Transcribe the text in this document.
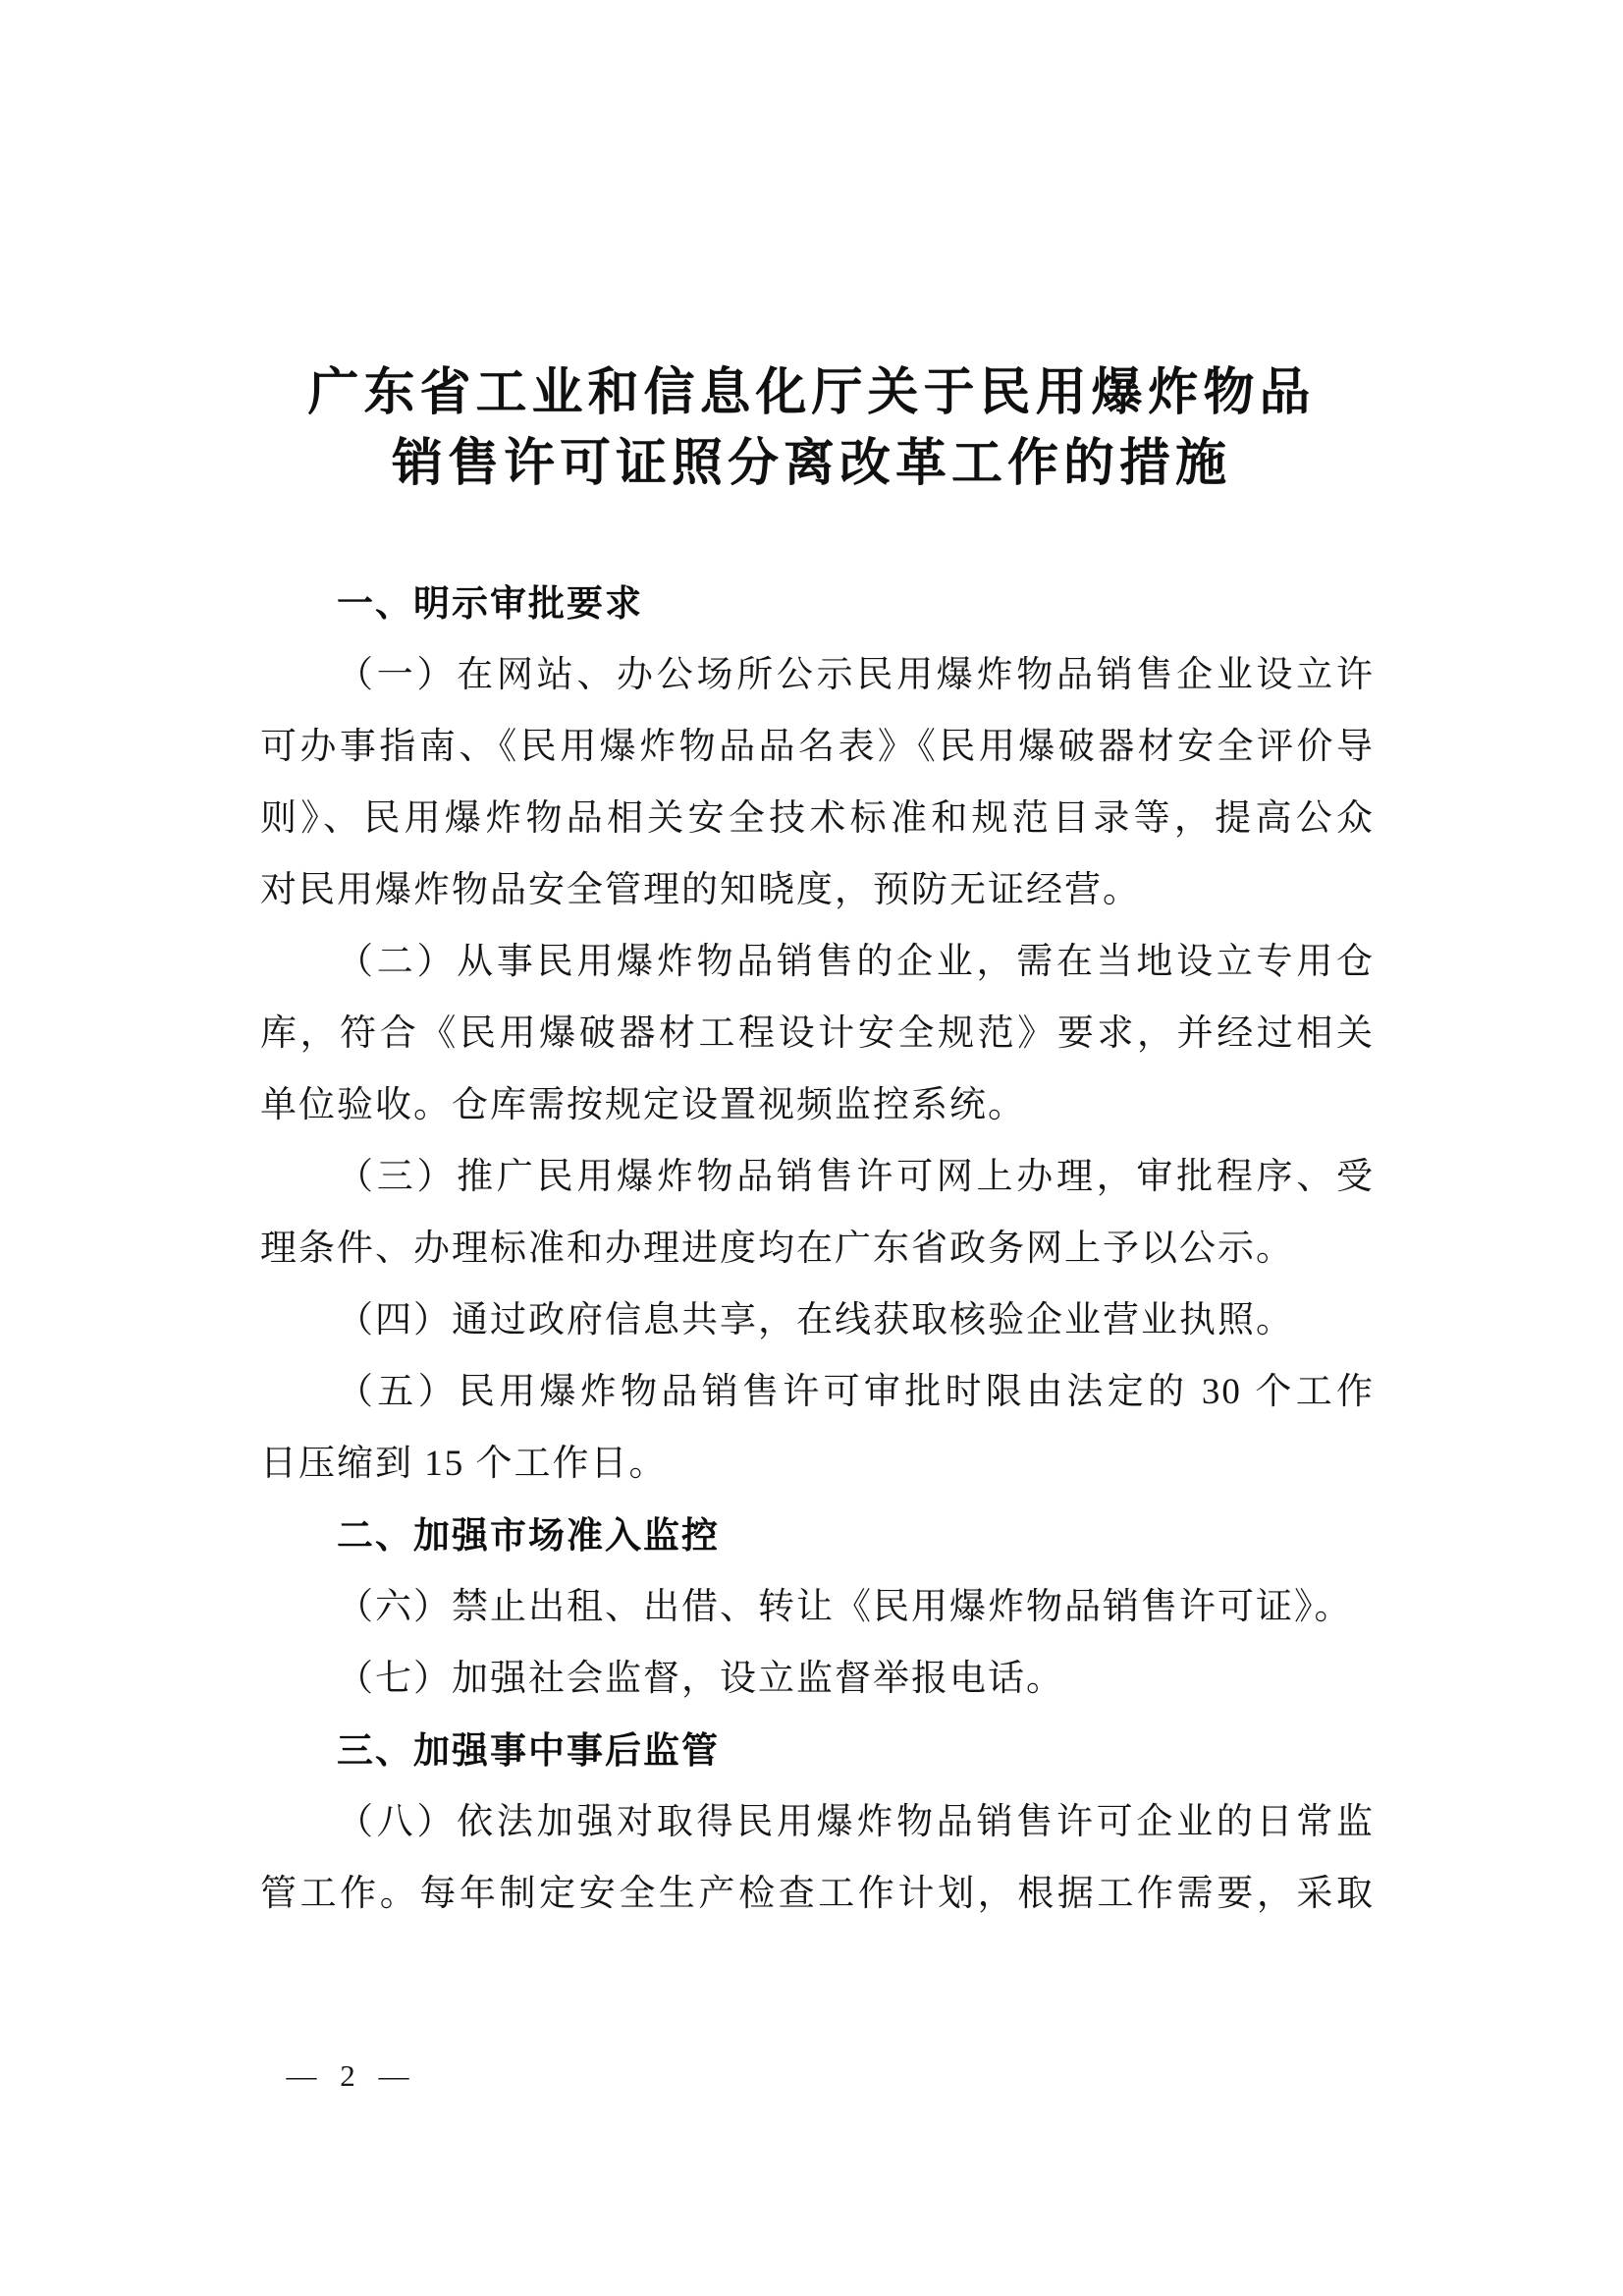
广东省工业和信息化厅关于民用爆炸物品
销售许可证照分离改革工作的措施
一、明示审批要求
（一）在网站、办公场所公示民用爆炸物品销售企业设立许
可办事指南、《民用爆炸物品品名表》《民用爆破器材安全评价导
则》、民用爆炸物品相关安全技术标准和规范目录等，提高公众
对民用爆炸物品安全管理的知晓度，预防无证经营。
（二）从事民用爆炸物品销售的企业，需在当地设立专用仓
库，符合《民用爆破器材工程设计安全规范》要求，并经过相关
单位验收。仓库需按规定设置视频监控系统。
（三）推广民用爆炸物品销售许可网上办理，审批程序、受
理条件、办理标准和办理进度均在广东省政务网上予以公示。
（四）通过政府信息共享，在线获取核验企业营业执照。
（五）民用爆炸物品销售许可审批时限由法定的 30 个工作
日压缩到 15 个工作日。
二、加强市场准入监控
（六）禁止出租、出借、转让《民用爆炸物品销售许可证》。
（七）加强社会监督，设立监督举报电话。
三、加强事中事后监管
（八）依法加强对取得民用爆炸物品销售许可企业的日常监
管工作。每年制定安全生产检查工作计划，根据工作需要，采取
— 2 —
